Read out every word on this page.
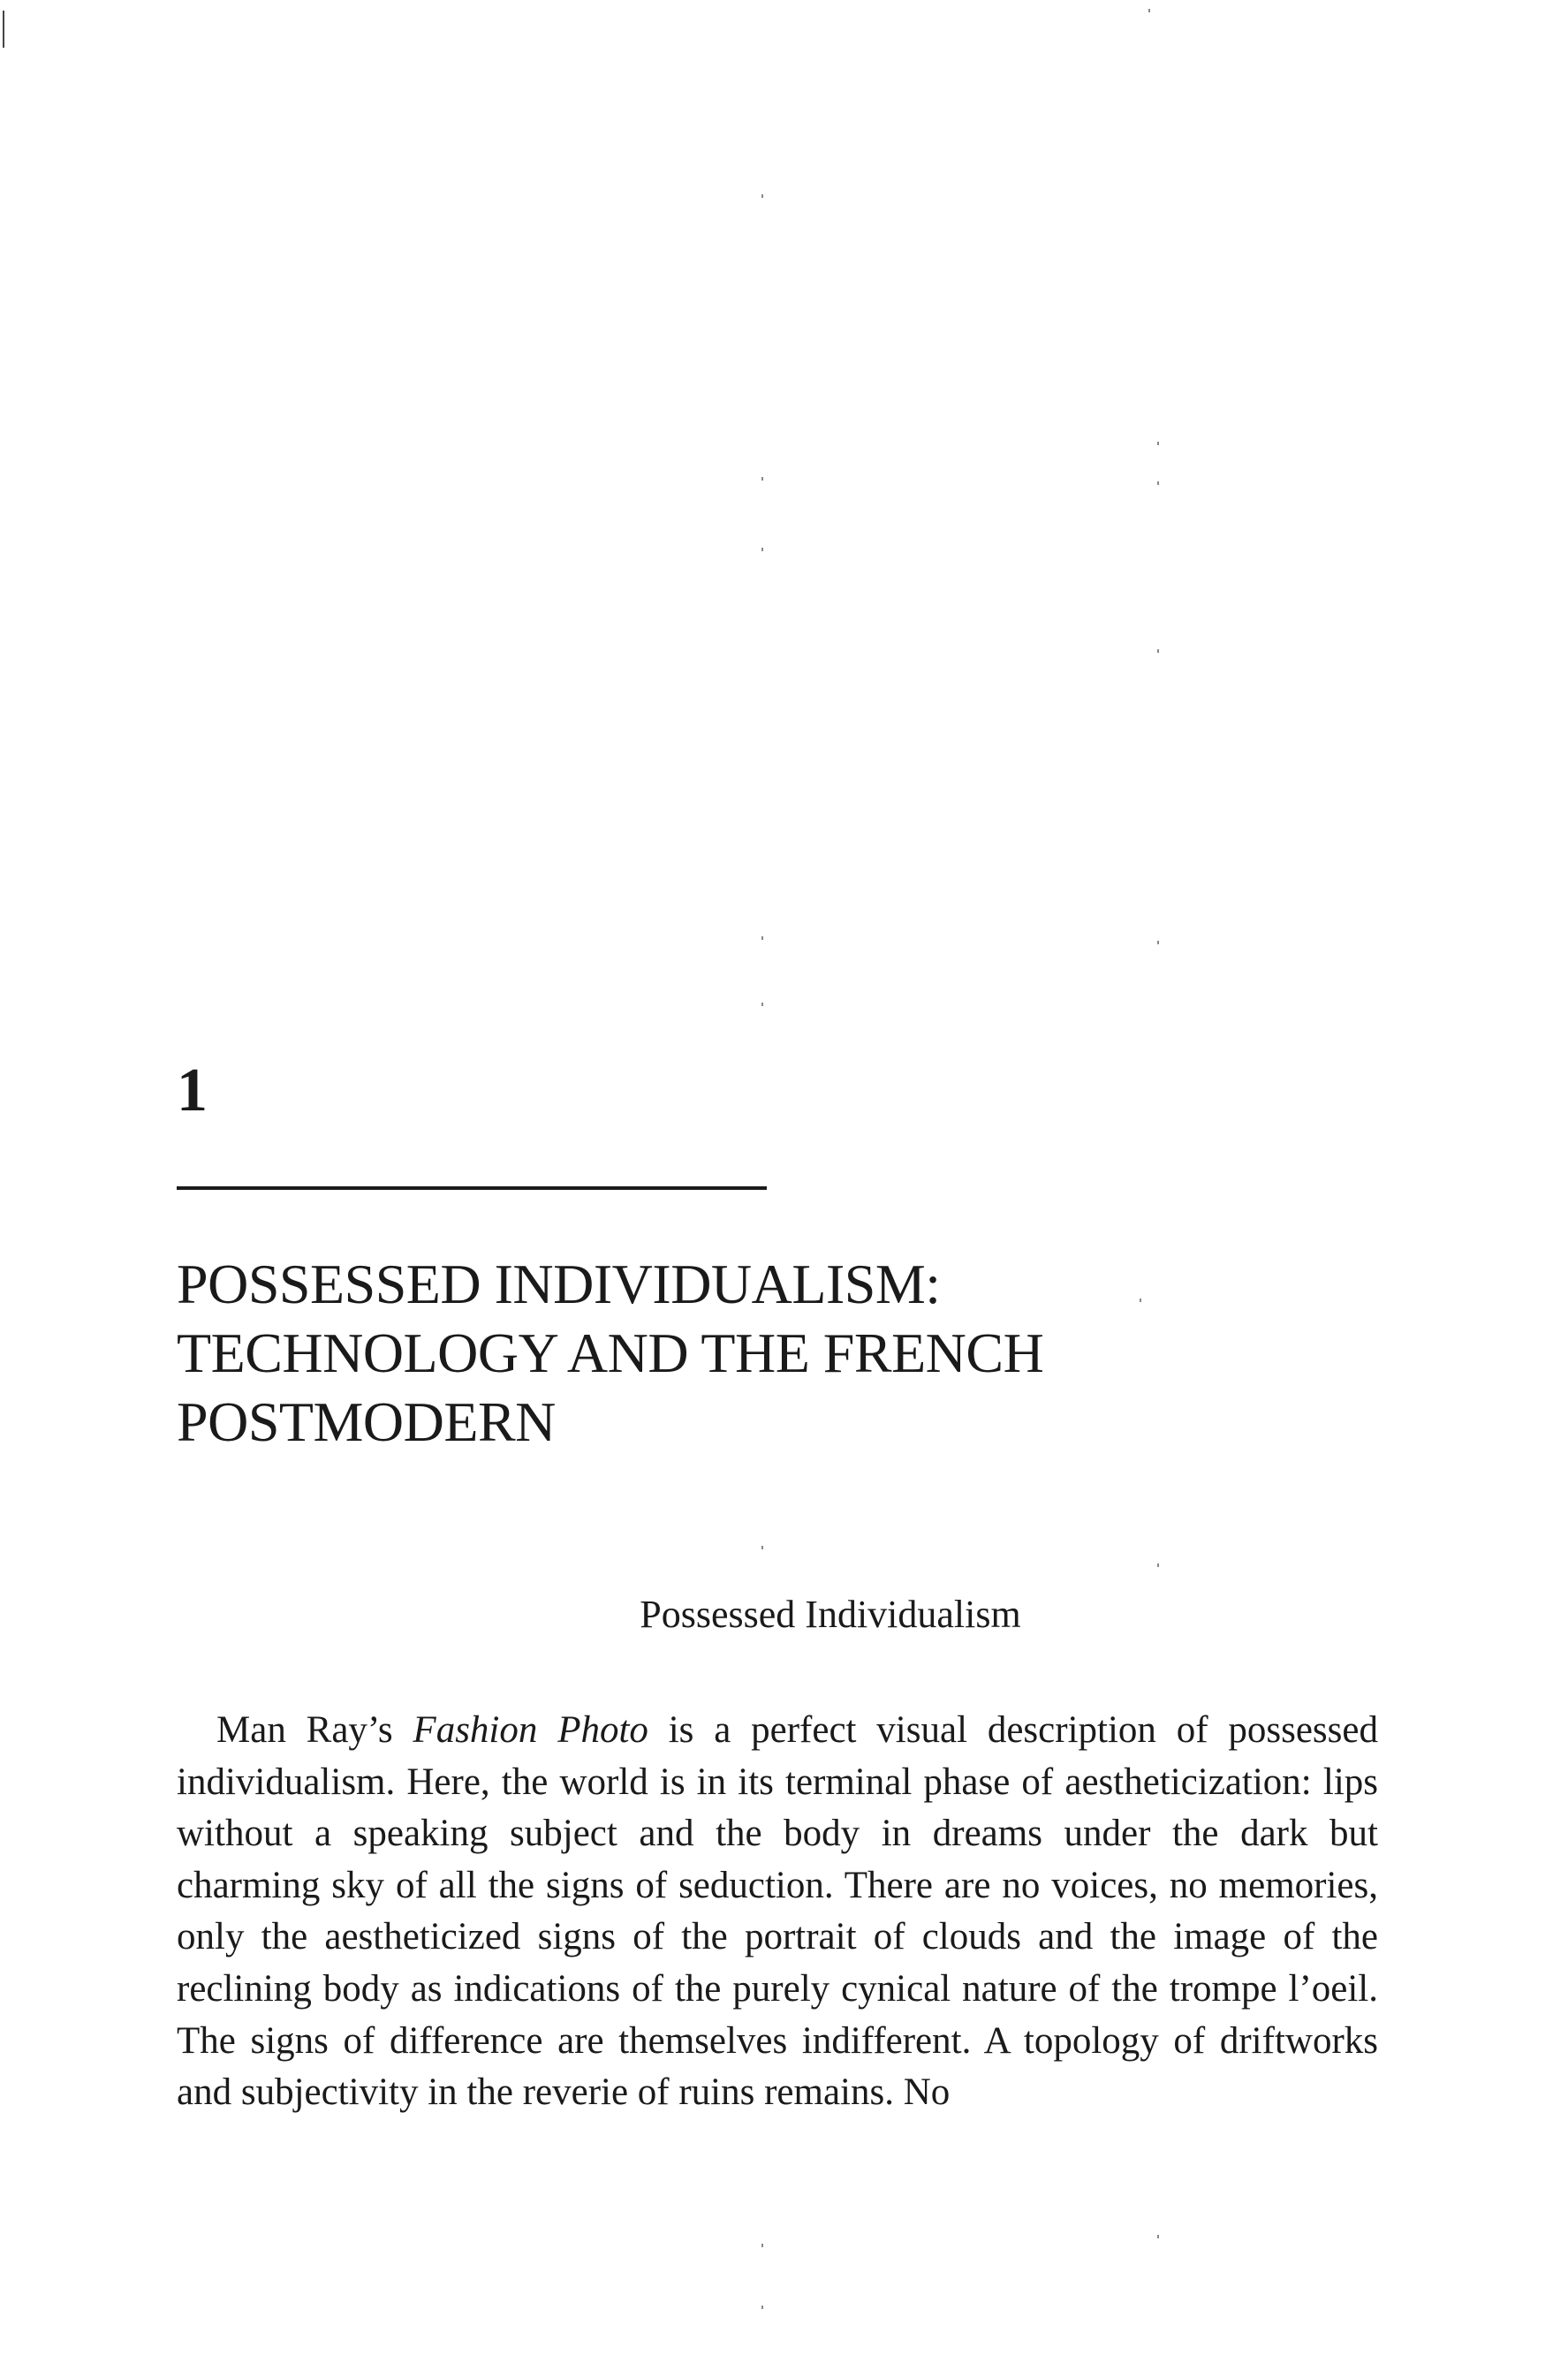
1
POSSESSED INDIVIDUALISM:
TECHNOLOGY AND THE FRENCH
POSTMODERN
Possessed Individualism

Man Ray’s Fashion Photo is a perfect visual description of possessed individualism. Here, the world is in its terminal phase of aestheticization: lips without a speaking subject and the body in dreams under the dark but charming sky of all the signs of seduction. There are no voices, no memories, only the aestheticized signs of the portrait of clouds and the image of the reclining body as indications of the purely cynical nature of the trompe l’oeil. The signs of difference are themselves indifferent. A topology of driftworks and subjectivity in the reverie of ruins remains. No
